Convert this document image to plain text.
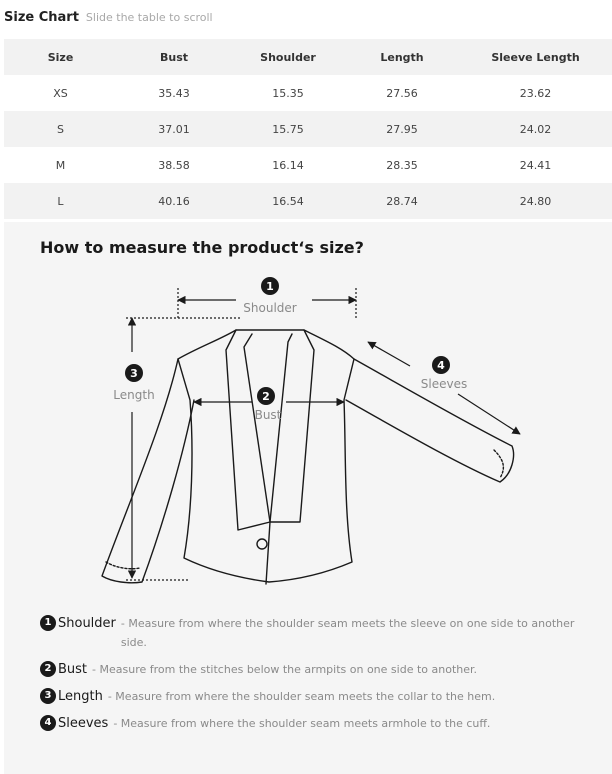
Size Chart Slide the table to scroll
Size	Bust	Shoulder	Length	Sleeve Length
XS	35.43	15.35	27.56	23.62
S	37.01	15.75	27.95	24.02
M	38.58	16.14	28.35	24.41
L	40.16	16.54	28.74	24.80
How to measure the product‘s size?
1
Shoulder
2
Bust
3
Length
4
Sleeves
1 Shoulder - Measure from where the shoulder seam meets the sleeve on one side to another side.
2 Bust - Measure from the stitches below the armpits on one side to another.
3 Length - Measure from where the shoulder seam meets the collar to the hem.
4 Sleeves - Measure from where the shoulder seam meets armhole to the cuff.
